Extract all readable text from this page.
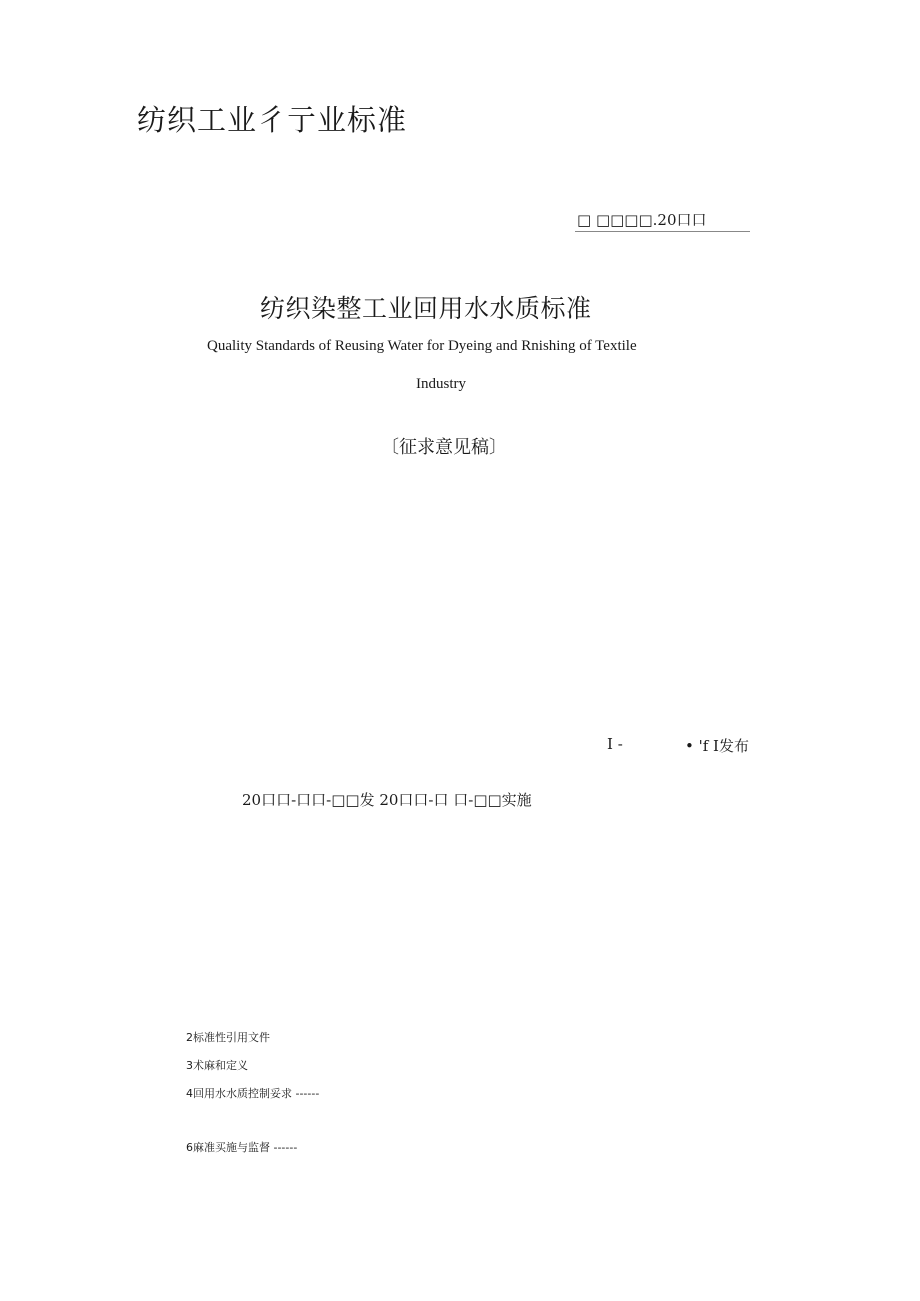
纺织工业彳亍业标准
□ □□□□.20口口
纺织染整工业回用水水质标准
Quality Standards of Reusing Water for Dyeing and Rnishing of Textile
Industry
〔征求意见稿〕
I -	• 'f I发布
20口口-口口-□□发 20口口-口 口-□□实施
2标准性引用文件
3术麻和定义
4回用水水质控制妥求 ------
6麻准买施与监督 ------
